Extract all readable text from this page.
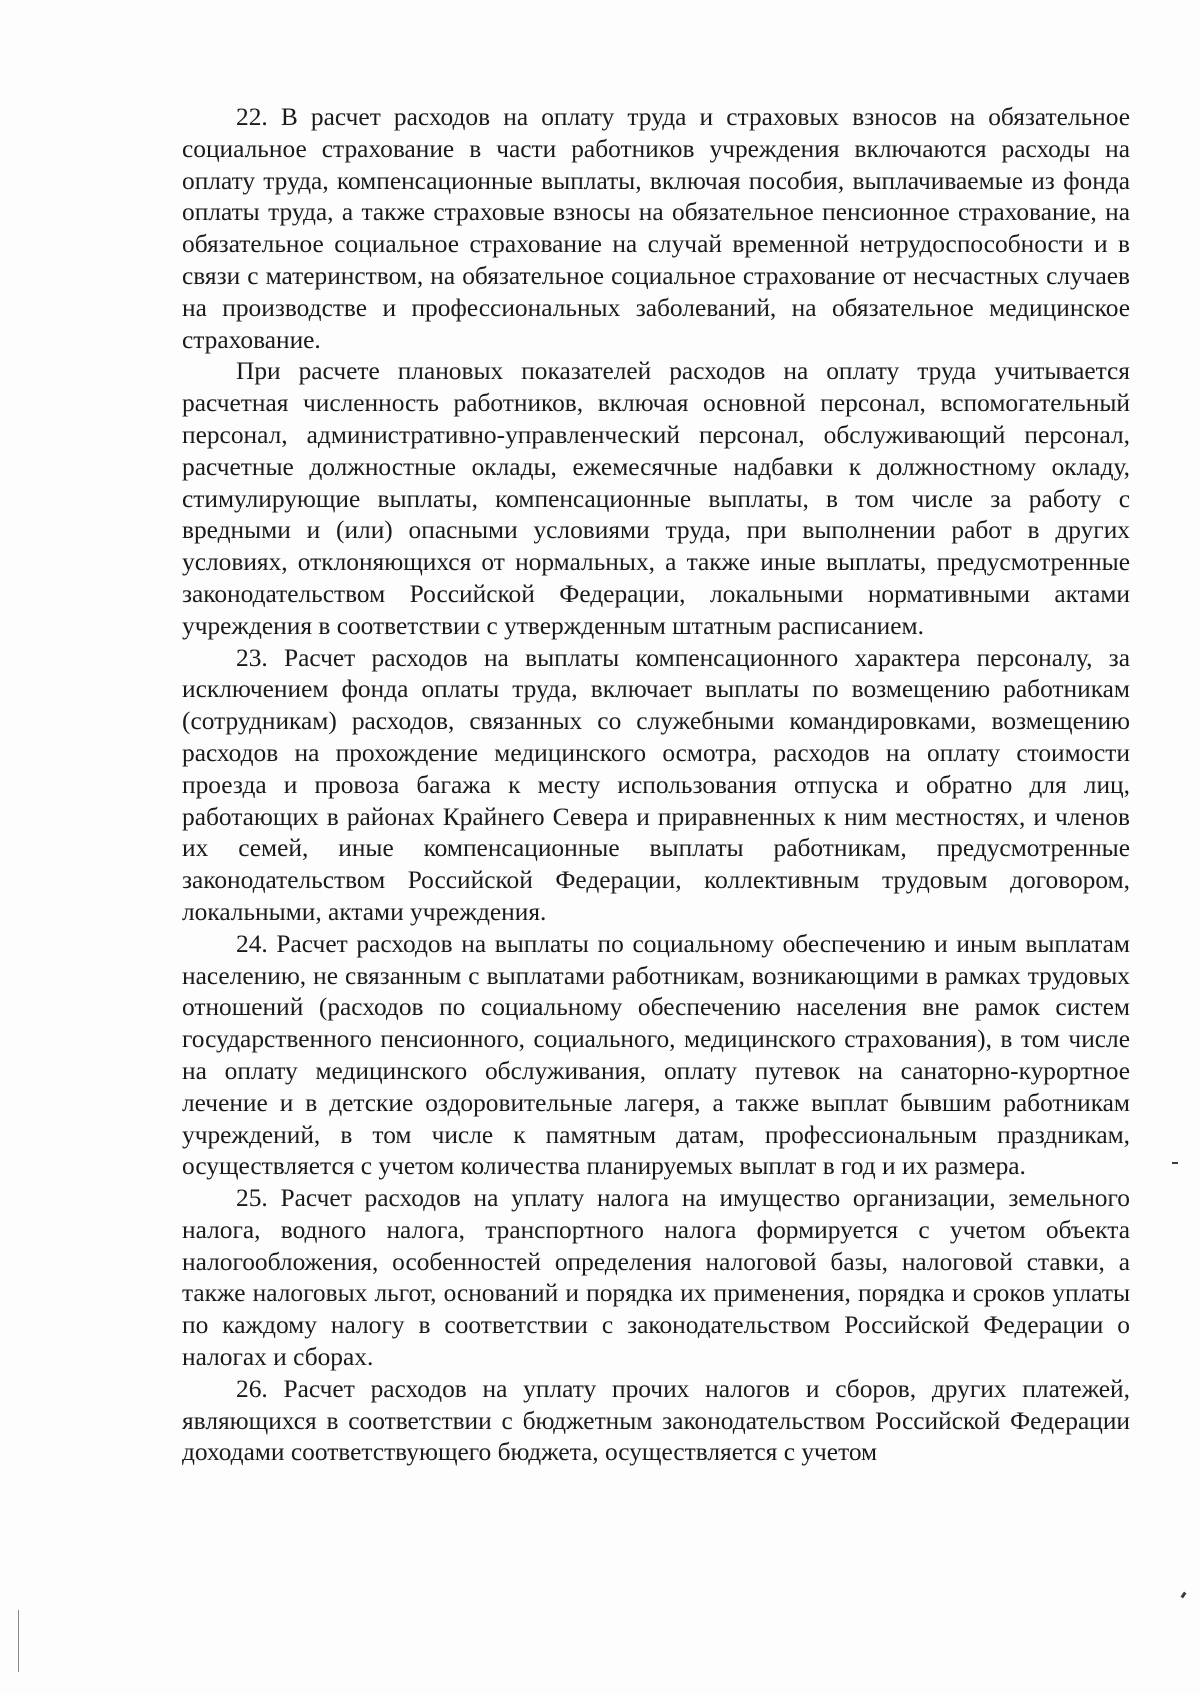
22. В расчет расходов на оплату труда и страховых взносов на обязательное социальное страхование в части работников учреждения включаются расходы на оплату труда, компенсационные выплаты, включая пособия, выплачиваемые из фонда оплаты труда, а также страховые взносы на обязательное пенсионное страхование, на обязательное социальное страхование на случай временной нетрудоспособности и в связи с материнством, на обязательное социальное страхование от несчастных случаев на производстве и профессиональных заболеваний, на обязательное медицинское страхование.

При расчете плановых показателей расходов на оплату труда учитывается расчетная численность работников, включая основной персонал, вспомогательный персонал, административно-управленческий персонал, обслуживающий персонал, расчетные должностные оклады, ежемесячные надбавки к должностному окладу, стимулирующие выплаты, компенсационные выплаты, в том числе за работу с вредными и (или) опасными условиями труда, при выполнении работ в других условиях, отклоняющихся от нормальных, а также иные выплаты, предусмотренные законодательством Российской Федерации, локальными нормативными актами учреждения в соответствии с утвержденным штатным расписанием.

23. Расчет расходов на выплаты компенсационного характера персоналу, за исключением фонда оплаты труда, включает выплаты по возмещению работникам (сотрудникам) расходов, связанных со служебными командировками, возмещению расходов на прохождение медицинского осмотра, расходов на оплату стоимости проезда и провоза багажа к месту использования отпуска и обратно для лиц, работающих в районах Крайнего Севера и приравненных к ним местностях, и членов их семей, иные компенсационные выплаты работникам, предусмотренные законодательством Российской Федерации, коллективным трудовым договором, локальными, актами учреждения.

24. Расчет расходов на выплаты по социальному обеспечению и иным выплатам населению, не связанным с выплатами работникам, возникающими в рамках трудовых отношений (расходов по социальному обеспечению населения вне рамок систем государственного пенсионного, социального, медицинского страхования), в том числе на оплату медицинского обслуживания, оплату путевок на санаторно-курортное лечение и в детские оздоровительные лагеря, а также выплат бывшим работникам учреждений, в том числе к памятным датам, профессиональным праздникам, осуществляется с учетом количества планируемых выплат в год и их размера.

25. Расчет расходов на уплату налога на имущество организации, земельного налога, водного налога, транспортного налога формируется с учетом объекта налогообложения, особенностей определения налоговой базы, налоговой ставки, а также налоговых льгот, оснований и порядка их применения, порядка и сроков уплаты по каждому налогу в соответствии с законодательством Российской Федерации о налогах и сборах.

26. Расчет расходов на уплату прочих налогов и сборов, других платежей, являющихся в соответствии с бюджетным законодательством Российской Федерации доходами соответствующего бюджета, осуществляется с учетом
